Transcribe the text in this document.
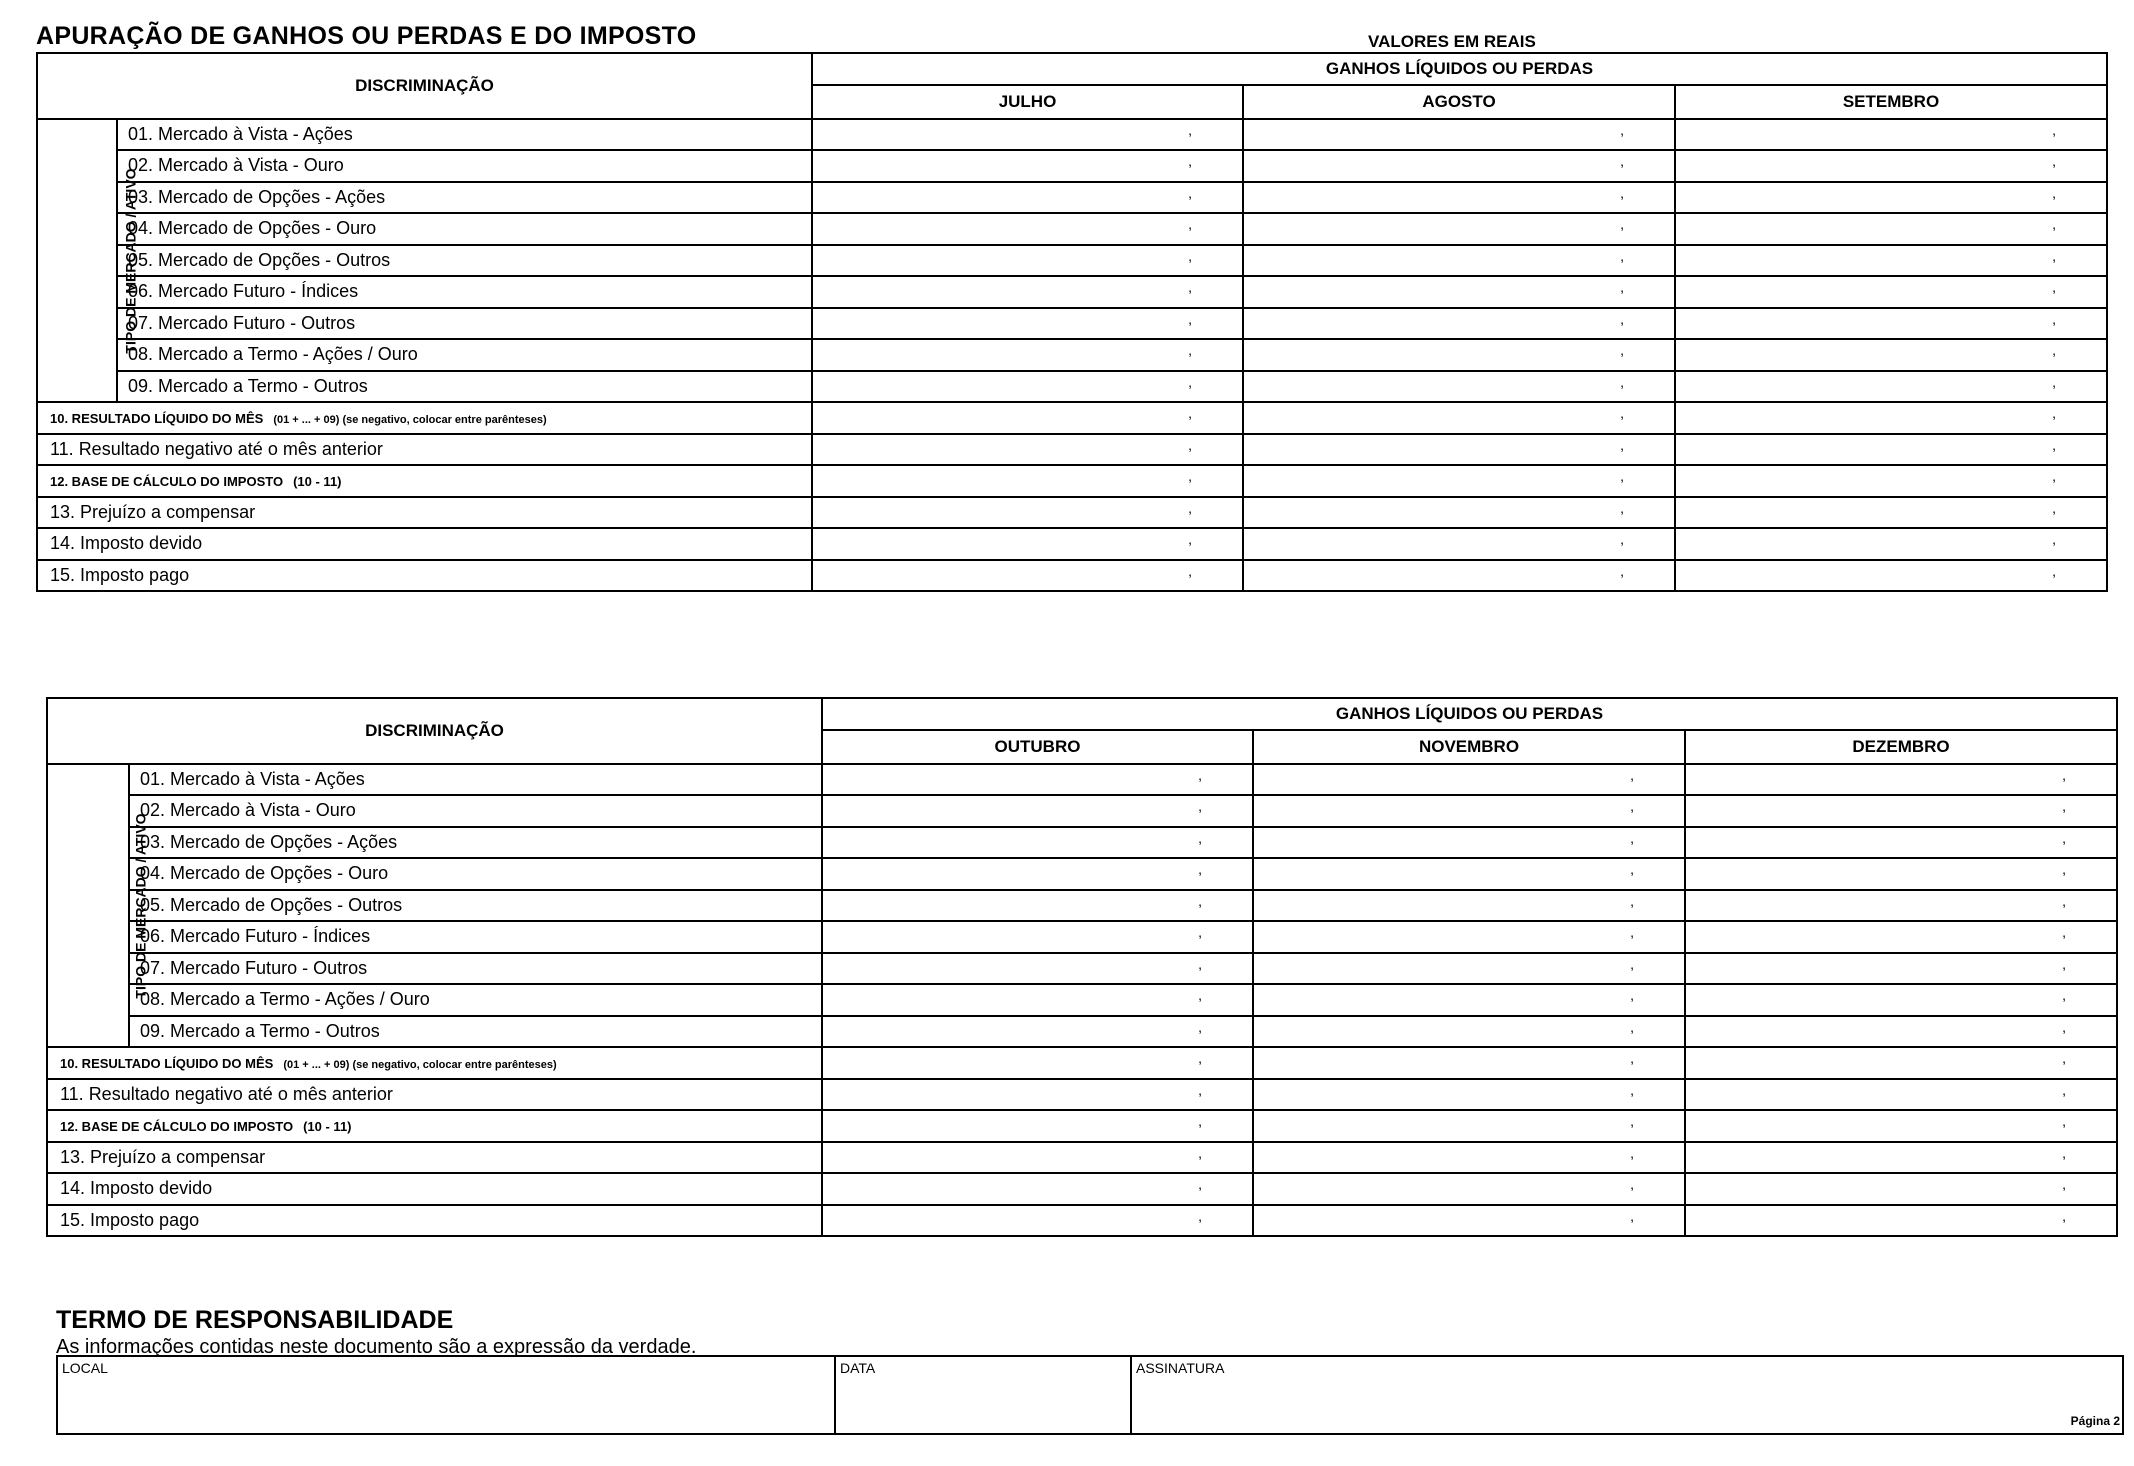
APURAÇÃO DE GANHOS OU PERDAS E DO IMPOSTO	VALORES EM REAIS
DISCRIMINAÇÃO		GANHOS LÍQUIDOS OU PERDAS		
		JULHO	AGOSTO	SETEMBRO
TIPO DE MERCADO / ATIVO	01. Mercado à Vista - Ações	,	,	,
	02. Mercado à Vista - Ouro	,	,	,
	03. Mercado de Opções - Ações	,	,	,
	04. Mercado de Opções - Ouro	,	,	,
	05. Mercado de Opções - Outros	,	,	,
	06. Mercado Futuro - Índices	,	,	,
	07. Mercado Futuro - Outros	,	,	,
	08. Mercado a Termo - Ações / Ouro	,	,	,
	09. Mercado a Termo - Outros	,	,	,
10. RESULTADO LÍQUIDO DO MÊS (01 + ... + 09) (se negativo, colocar entre parênteses)	,	,	,
11. Resultado negativo até o mês anterior	,	,	,
12. BASE DE CÁLCULO DO IMPOSTO (10 - 11)	,	,	,
13. Prejuízo a compensar	,	,	,
14. Imposto devido	,	,	,
15. Imposto pago	,	,	,
DISCRIMINAÇÃO		GANHOS LÍQUIDOS OU PERDAS		
		OUTUBRO	NOVEMBRO	DEZEMBRO
TIPO DE MERCADO / ATIVO	01. Mercado à Vista - Ações	,	,	,
	02. Mercado à Vista - Ouro	,	,	,
	03. Mercado de Opções - Ações	,	,	,
	04. Mercado de Opções - Ouro	,	,	,
	05. Mercado de Opções - Outros	,	,	,
	06. Mercado Futuro - Índices	,	,	,
	07. Mercado Futuro - Outros	,	,	,
	08. Mercado a Termo - Ações / Ouro	,	,	,
	09. Mercado a Termo - Outros	,	,	,
10. RESULTADO LÍQUIDO DO MÊS (01 + ... + 09) (se negativo, colocar entre parênteses)	,	,	,
11. Resultado negativo até o mês anterior	,	,	,
12. BASE DE CÁLCULO DO IMPOSTO (10 - 11)	,	,	,
13. Prejuízo a compensar	,	,	,
14. Imposto devido	,	,	,
15. Imposto pago	,	,	,
TERMO DE RESPONSABILIDADE
As informações contidas neste documento são a expressão da verdade.
LOCAL	DATA	ASSINATURA
Página 2
